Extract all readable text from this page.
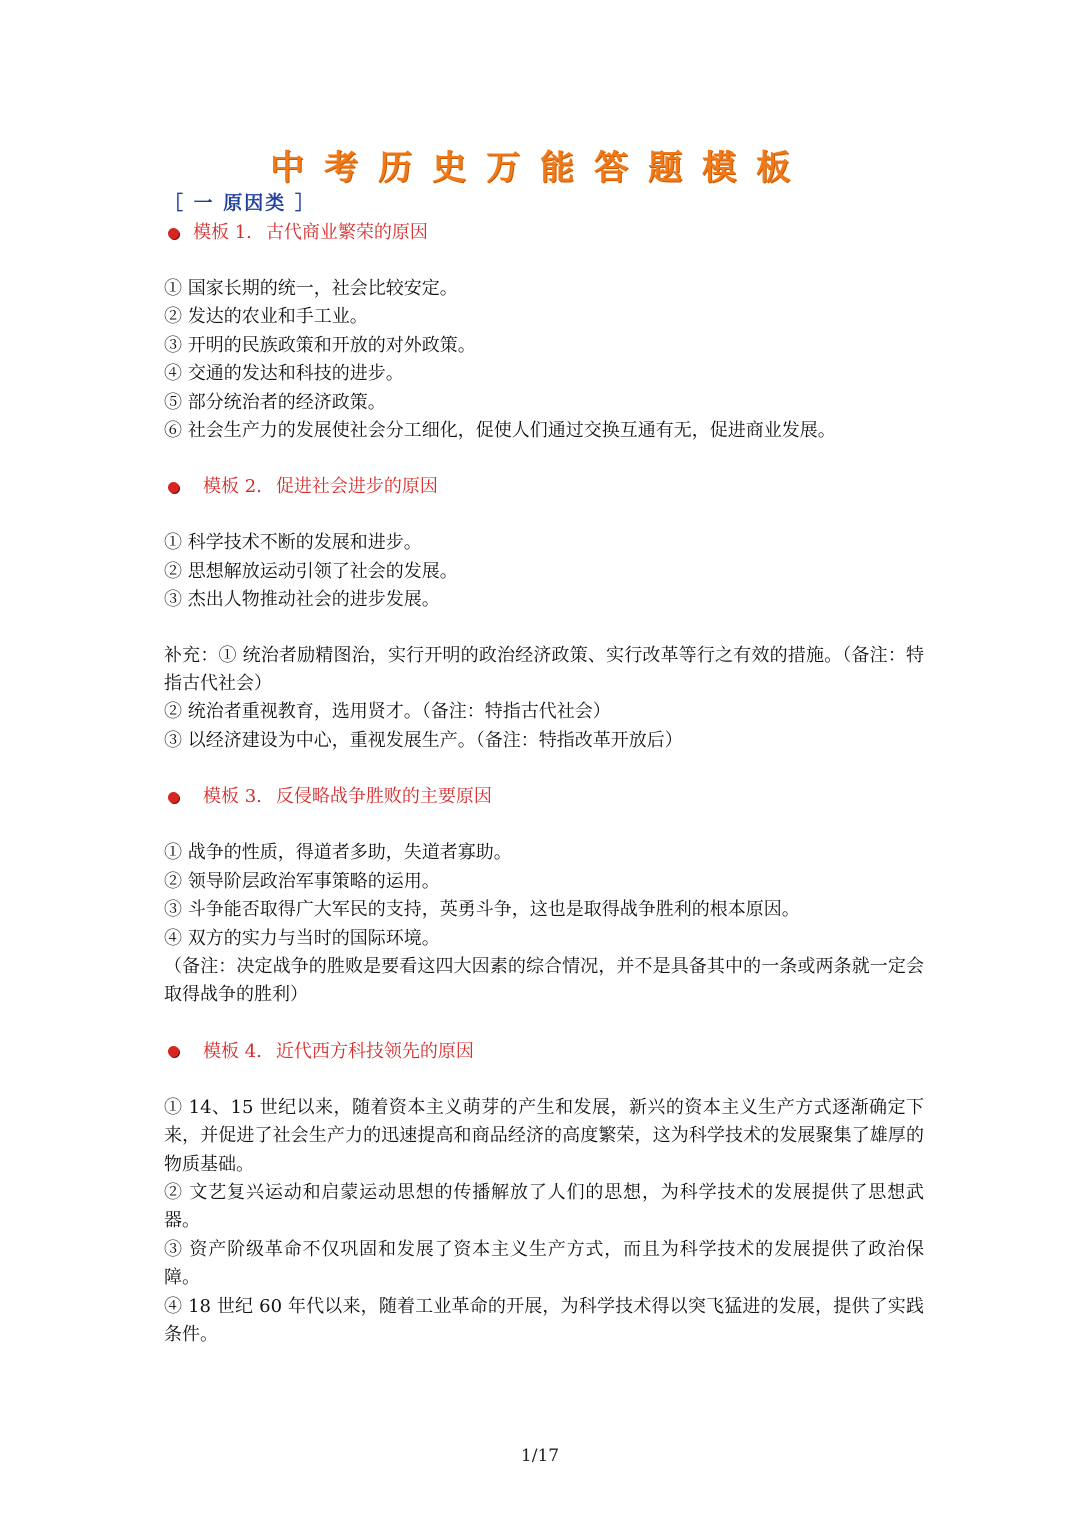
中考历史万能答题模板
［ 一 原因类 ］
模板 1. 古代商业繁荣的原因
① 国家长期的统一，社会比较安定。
② 发达的农业和手工业。
③ 开明的民族政策和开放的对外政策。
④ 交通的发达和科技的进步。
⑤ 部分统治者的经济政策。
⑥ 社会生产力的发展使社会分工细化，促使人们通过交换互通有无，促进商业发展。
模板 2. 促进社会进步的原因
① 科学技术不断的发展和进步。
② 思想解放运动引领了社会的发展。
③ 杰出人物推动社会的进步发展。
补充：① 统治者励精图治，实行开明的政治经济政策、实行改革等行之有效的措施。（备注：特指古代社会）
② 统治者重视教育，选用贤才。（备注：特指古代社会）
③ 以经济建设为中心，重视发展生产。（备注：特指改革开放后）
模板 3. 反侵略战争胜败的主要原因
① 战争的性质，得道者多助，失道者寡助。
② 领导阶层政治军事策略的运用。
③ 斗争能否取得广大军民的支持，英勇斗争，这也是取得战争胜利的根本原因。
④ 双方的实力与当时的国际环境。
（备注：决定战争的胜败是要看这四大因素的综合情况，并不是具备其中的一条或两条就一定会取得战争的胜利）
模板 4. 近代西方科技领先的原因
① 14、15 世纪以来，随着资本主义萌芽的产生和发展，新兴的资本主义生产方式逐渐确定下来，并促进了社会生产力的迅速提高和商品经济的高度繁荣，这为科学技术的发展聚集了雄厚的物质基础。
② 文艺复兴运动和启蒙运动思想的传播解放了人们的思想，为科学技术的发展提供了思想武器。
③ 资产阶级革命不仅巩固和发展了资本主义生产方式，而且为科学技术的发展提供了政治保障。
④ 18 世纪 60 年代以来，随着工业革命的开展，为科学技术得以突飞猛进的发展，提供了实践条件。
1/17
